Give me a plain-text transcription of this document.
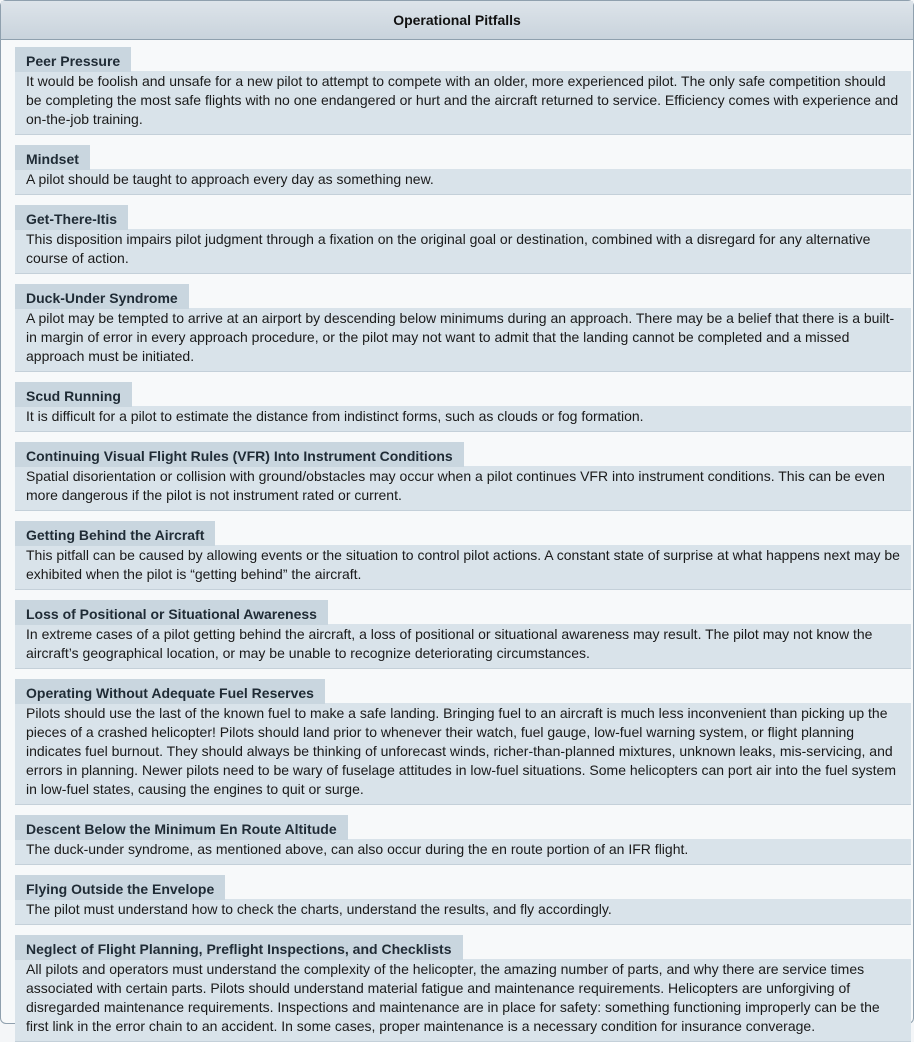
Operational Pitfalls
Peer Pressure
It would be foolish and unsafe for a new pilot to attempt to compete with an older, more experienced pilot. The only safe competition should be completing the most safe flights with no one endangered or hurt and the aircraft returned to service. Efficiency comes with experience and on-the-job training.
Mindset
A pilot should be taught to approach every day as something new.
Get-There-Itis
This disposition impairs pilot judgment through a fixation on the original goal or destination, combined with a disregard for any alternative course of action.
Duck-Under Syndrome
A pilot may be tempted to arrive at an airport by descending below minimums during an approach. There may be a belief that there is a built-in margin of error in every approach procedure, or the pilot may not want to admit that the landing cannot be completed and a missed approach must be initiated.
Scud Running
It is difficult for a pilot to estimate the distance from indistinct forms, such as clouds or fog formation.
Continuing Visual Flight Rules (VFR) Into Instrument Conditions
Spatial disorientation or collision with ground/obstacles may occur when a pilot continues VFR into instrument conditions. This can be even more dangerous if the pilot is not instrument rated or current.
Getting Behind the Aircraft
This pitfall can be caused by allowing events or the situation to control pilot actions. A constant state of surprise at what happens next may be exhibited when the pilot is “getting behind” the aircraft.
Loss of Positional or Situational Awareness
In extreme cases of a pilot getting behind the aircraft, a loss of positional or situational awareness may result. The pilot may not know the aircraft’s geographical location, or may be unable to recognize deteriorating circumstances.
Operating Without Adequate Fuel Reserves
Pilots should use the last of the known fuel to make a safe landing. Bringing fuel to an aircraft is much less inconvenient than picking up the pieces of a crashed helicopter! Pilots should land prior to whenever their watch, fuel gauge, low-fuel warning system, or flight planning indicates fuel burnout. They should always be thinking of unforecast winds, richer-than-planned mixtures, unknown leaks, mis-servicing, and errors in planning. Newer pilots need to be wary of fuselage attitudes in low-fuel situations. Some helicopters can port air into the fuel system in low-fuel states, causing the engines to quit or surge.
Descent Below the Minimum En Route Altitude
The duck-under syndrome, as mentioned above, can also occur during the en route portion of an IFR flight.
Flying Outside the Envelope
The pilot must understand how to check the charts, understand the results, and fly accordingly.
Neglect of Flight Planning, Preflight Inspections, and Checklists
All pilots and operators must understand the complexity of the helicopter, the amazing number of parts, and why there are service times associated with certain parts. Pilots should understand material fatigue and maintenance requirements. Helicopters are unforgiving of disregarded maintenance requirements. Inspections and maintenance are in place for safety: something functioning improperly can be the first link in the error chain to an accident. In some cases, proper maintenance is a necessary condition for insurance converage.
